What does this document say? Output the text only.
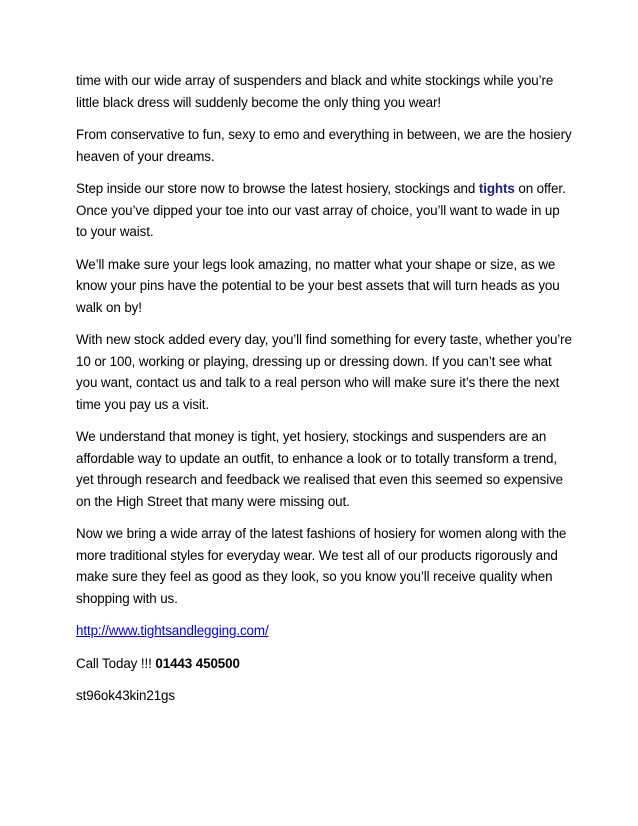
time with our wide array of suspenders and black and white stockings while you’re little black dress will suddenly become the only thing you wear!

From conservative to fun, sexy to emo and everything in between, we are the hosiery heaven of your dreams.

Step inside our store now to browse the latest hosiery, stockings and tights on offer. Once you’ve dipped your toe into our vast array of choice, you’ll want to wade in up to your waist.

We’ll make sure your legs look amazing, no matter what your shape or size, as we know your pins have the potential to be your best assets that will turn heads as you walk on by!

With new stock added every day, you’ll find something for every taste, whether you’re 10 or 100, working or playing, dressing up or dressing down. If you can’t see what you want, contact us and talk to a real person who will make sure it’s there the next time you pay us a visit.

We understand that money is tight, yet hosiery, stockings and suspenders are an affordable way to update an outfit, to enhance a look or to totally transform a trend, yet through research and feedback we realised that even this seemed so expensive on the High Street that many were missing out.

Now we bring a wide array of the latest fashions of hosiery for women along with the more traditional styles for everyday wear. We test all of our products rigorously and make sure they feel as good as they look, so you know you’ll receive quality when shopping with us.

http://www.tightsandlegging.com/

Call Today !!! 01443 450500

st96ok43kin21gs
